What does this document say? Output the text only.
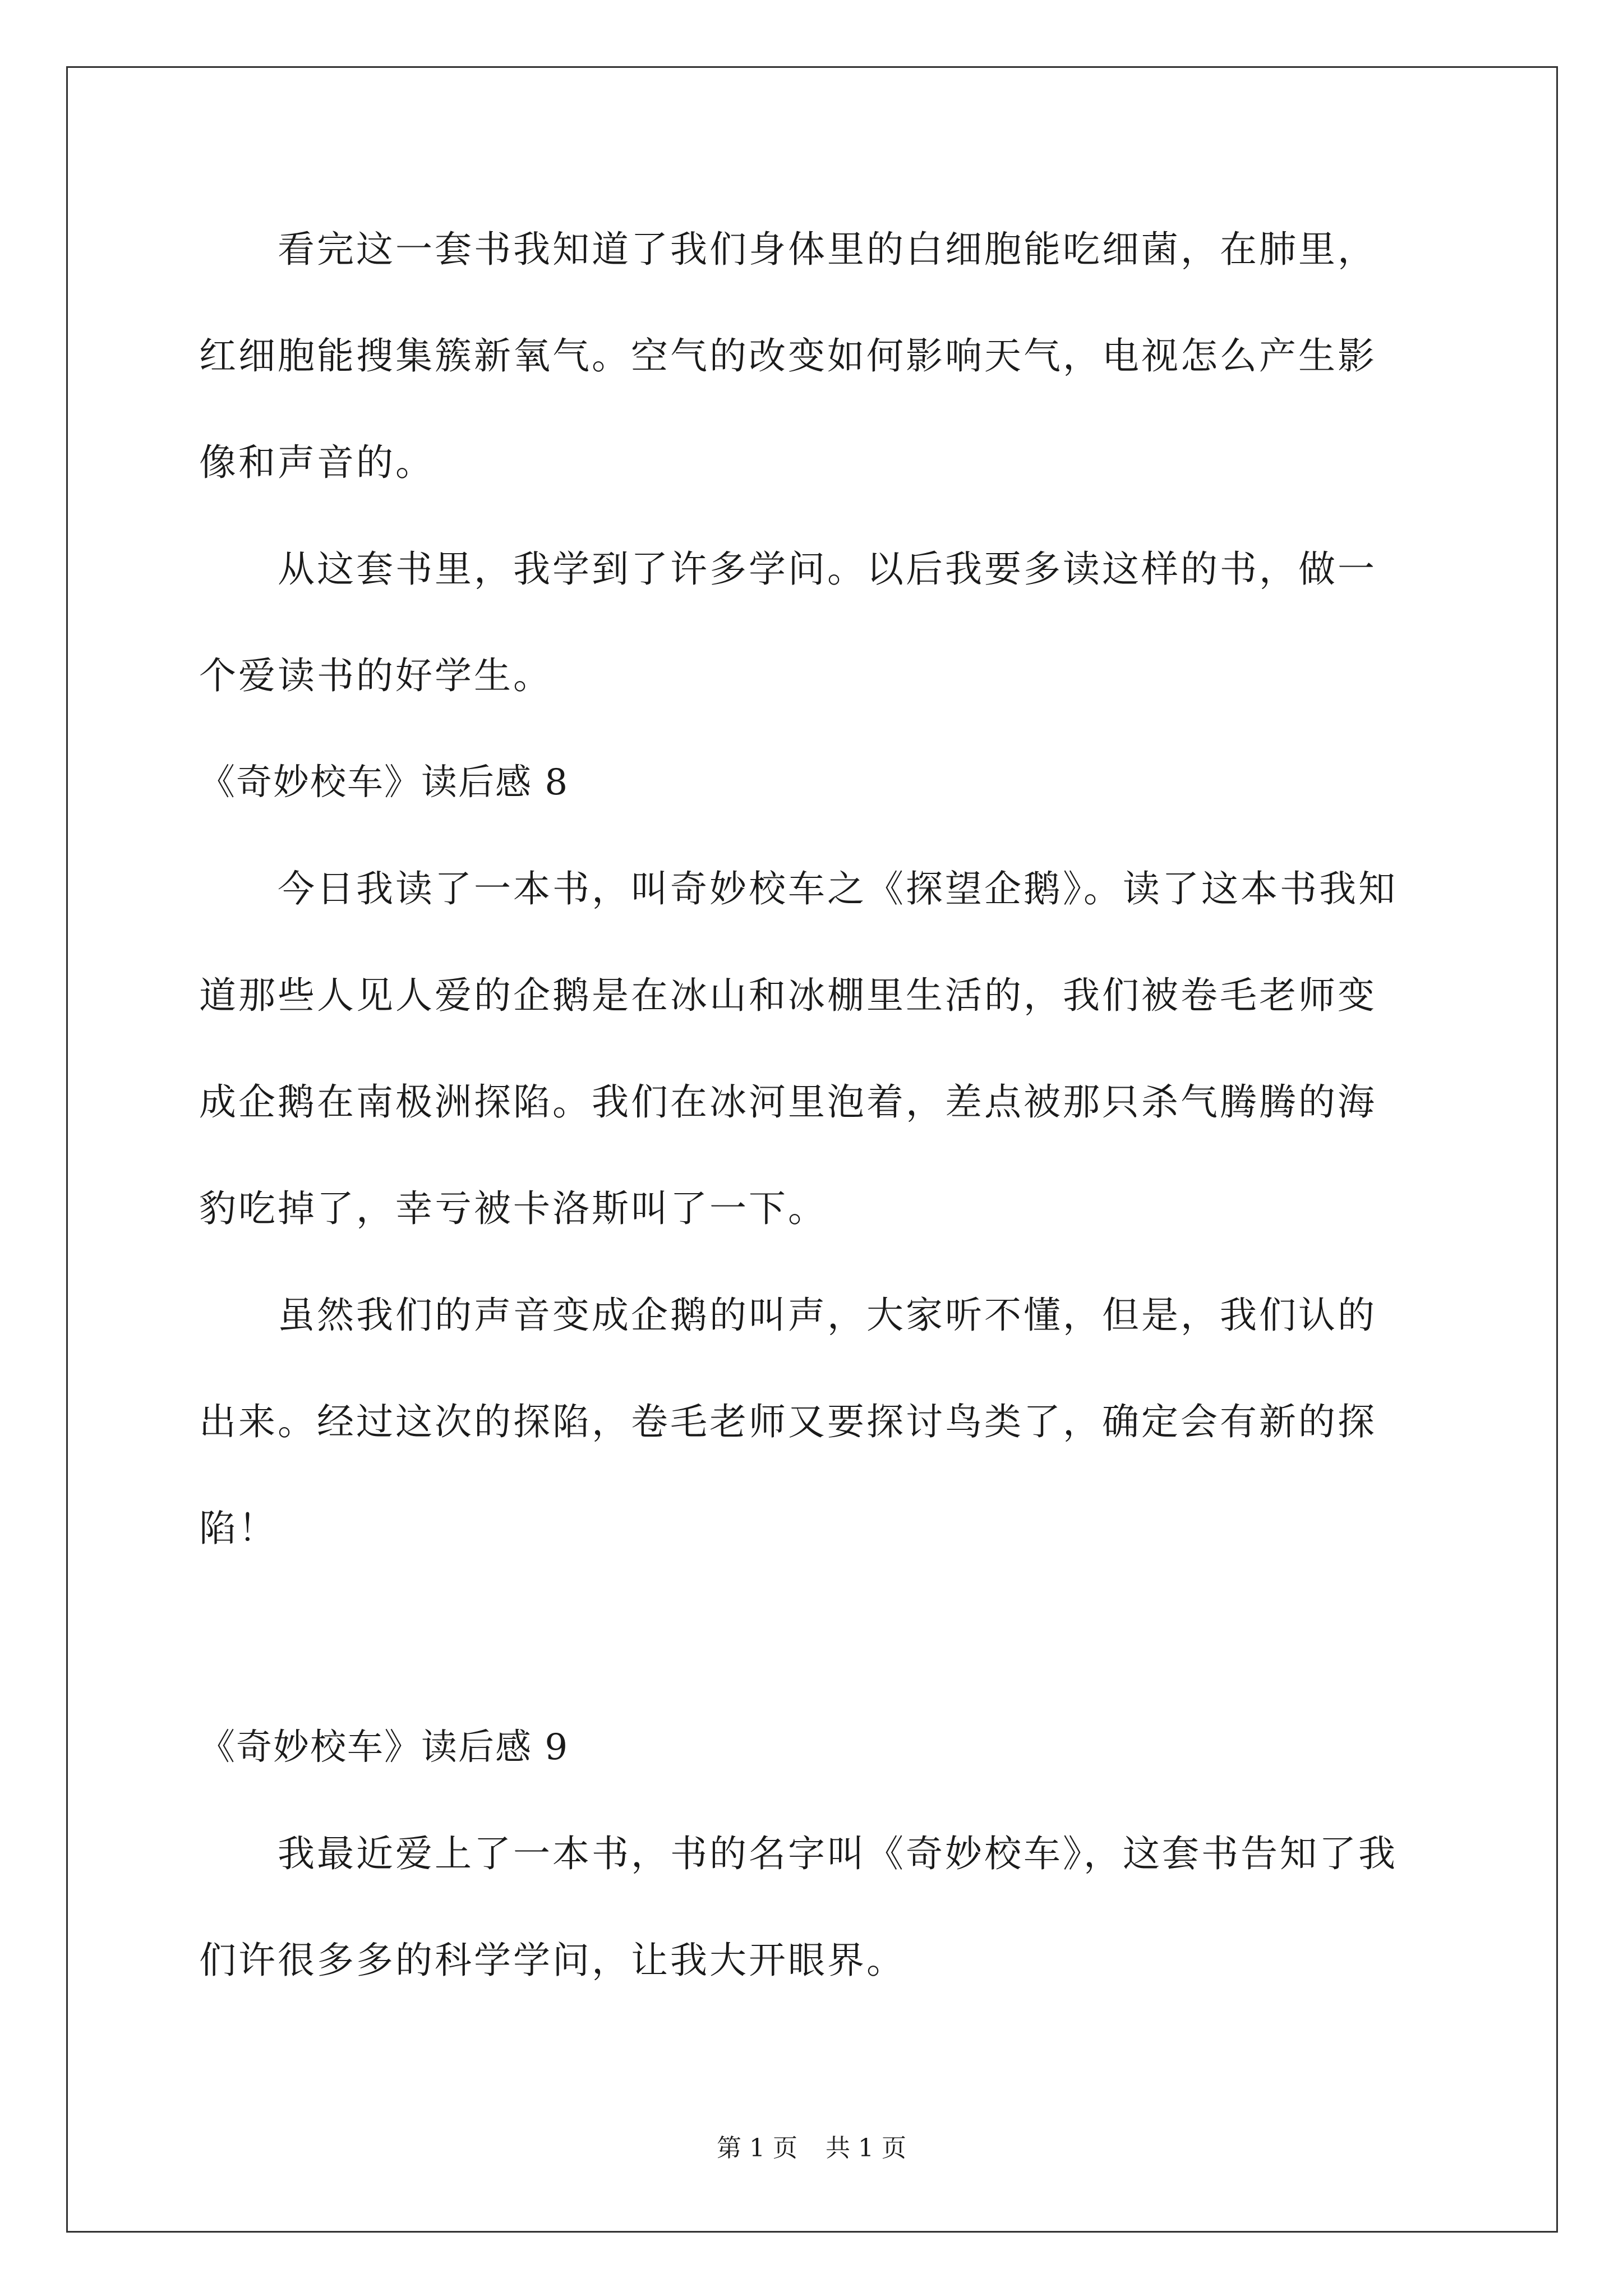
看完这一套书我知道了我们身体里的白细胞能吃细菌，在肺里，
红细胞能搜集簇新氧气。空气的改变如何影响天气，电视怎么产生影
像和声音的。
从这套书里，我学到了许多学问。以后我要多读这样的书，做一
个爱读书的好学生。
《奇妙校车》读后感 8
今日我读了一本书，叫奇妙校车之《探望企鹅》。读了这本书我知
道那些人见人爱的企鹅是在冰山和冰棚里生活的，我们被卷毛老师变
成企鹅在南极洲探陷。我们在冰河里泡着，差点被那只杀气腾腾的海
豹吃掉了，幸亏被卡洛斯叫了一下。
虽然我们的声音变成企鹅的叫声，大家听不懂，但是，我们认的
出来。经过这次的探陷，卷毛老师又要探讨鸟类了，确定会有新的探
陷！
《奇妙校车》读后感 9
我最近爱上了一本书，书的名字叫《奇妙校车》，这套书告知了我
们许很多多的科学学问，让我大开眼界。
第 1 页 共 1 页
